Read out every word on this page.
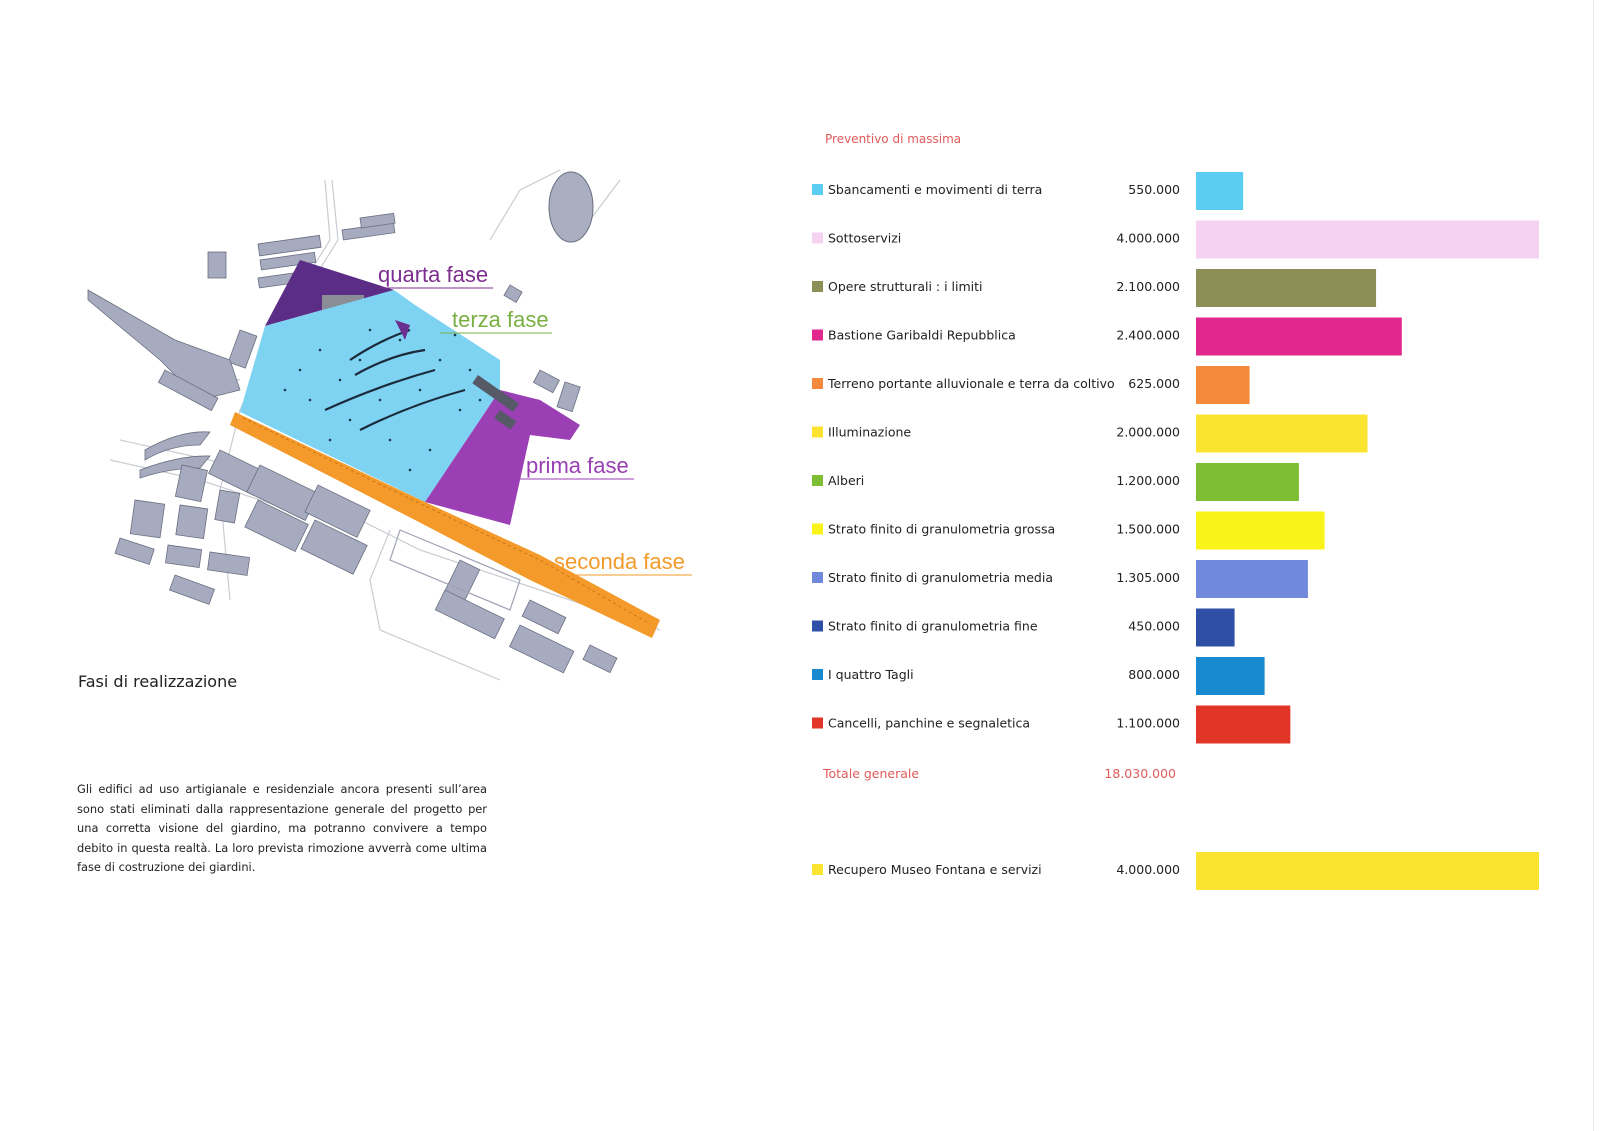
quarta fase
terza fase
prima fase
seconda fase
Fasi di realizzazione
Gli edifici ad uso artigianale e residenziale ancora presenti sull’area sono stati eliminati dalla rappresentazione generale del progetto per una corretta visione del giardino, ma potranno convivere a tempo debito in questa realtà. La loro prevista rimozione avverrà come ultima fase di costruzione dei giardini.
Preventivo di massima
Sbancamenti e movimenti di terra	550.000
Sottoservizi	4.000.000
Opere strutturali : i limiti	2.100.000
Bastione Garibaldi Repubblica	2.400.000
Terreno portante alluvionale e terra da coltivo 625.000
Illuminazione	2.000.000
Alberi	1.200.000
Strato finito di granulometria grossa	1.500.000
Strato finito di granulometria media	1.305.000
Strato finito di granulometria fine	450.000
I quattro Tagli	800.000
Cancelli, panchine e segnaletica	1.100.000
Recupero Museo Fontana e servizi	4.000.000
Totale generale	18.030.000
